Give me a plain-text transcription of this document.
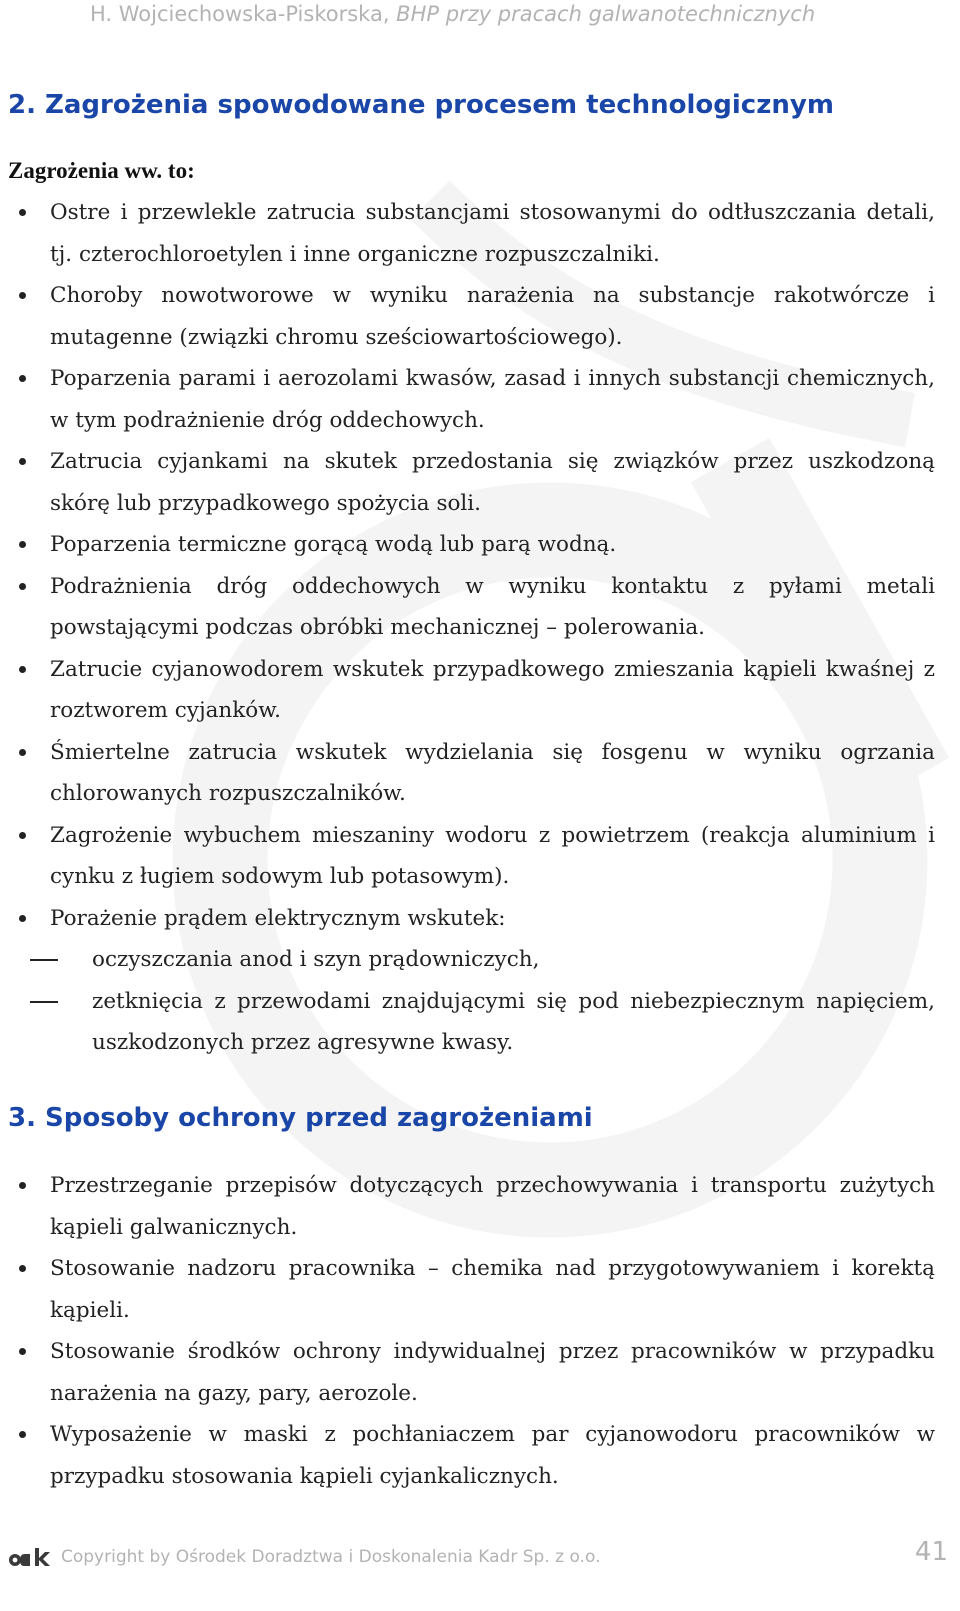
H. Wojciechowska-Piskorska, BHP przy pracach galwanotechnicznych
2. Zagrożenia spowodowane procesem technologicznym
Zagrożenia ww. to:
Ostre i przewlekle zatrucia substancjami stosowanymi do odtłuszczania detali, tj. czterochloroetylen i inne organiczne rozpuszczalniki.
Choroby nowotworowe w wyniku narażenia na substancje rakotwórcze i mutagenne (związki chromu sześciowartościowego).
Poparzenia parami i aerozolami kwasów, zasad i innych substancji chemicznych, w tym podrażnienie dróg oddechowych.
Zatrucia cyjankami na skutek przedostania się związków przez uszkodzoną skórę lub przypadkowego spożycia soli.
Poparzenia termiczne gorącą wodą lub parą wodną.
Podrażnienia dróg oddechowych w wyniku kontaktu z pyłami metali powstającymi podczas obróbki mechanicznej – polerowania.
Zatrucie cyjanowodorem wskutek przypadkowego zmieszania kąpieli kwaśnej z roztworem cyjanków.
Śmiertelne zatrucia wskutek wydzielania się fosgenu w wyniku ogrzania chlorowanych rozpuszczalników.
Zagrożenie wybuchem mieszaniny wodoru z powietrzem (reakcja aluminium i cynku z ługiem sodowym lub potasowym).
Porażenie prądem elektrycznym wskutek:
oczyszczania anod i szyn prądowniczych,
zetknięcia z przewodami znajdującymi się pod niebezpiecznym napięciem, uszkodzonych przez agresywne kwasy.
3. Sposoby ochrony przed zagrożeniami
Przestrzeganie przepisów dotyczących przechowywania i transportu zużytych kąpieli galwanicznych.
Stosowanie nadzoru pracownika – chemika nad przygotowywaniem i korektą kąpieli.
Stosowanie środków ochrony indywidualnej przez pracowników w przypadku narażenia na gazy, pary, aerozole.
Wyposażenie w maski z pochłaniaczem par cyjanowodoru pracowników w przypadku stosowania kąpieli cyjankalicznych.
Copyright by Ośrodek Doradztwa i Doskonalenia Kadr Sp. z o.o.	41
